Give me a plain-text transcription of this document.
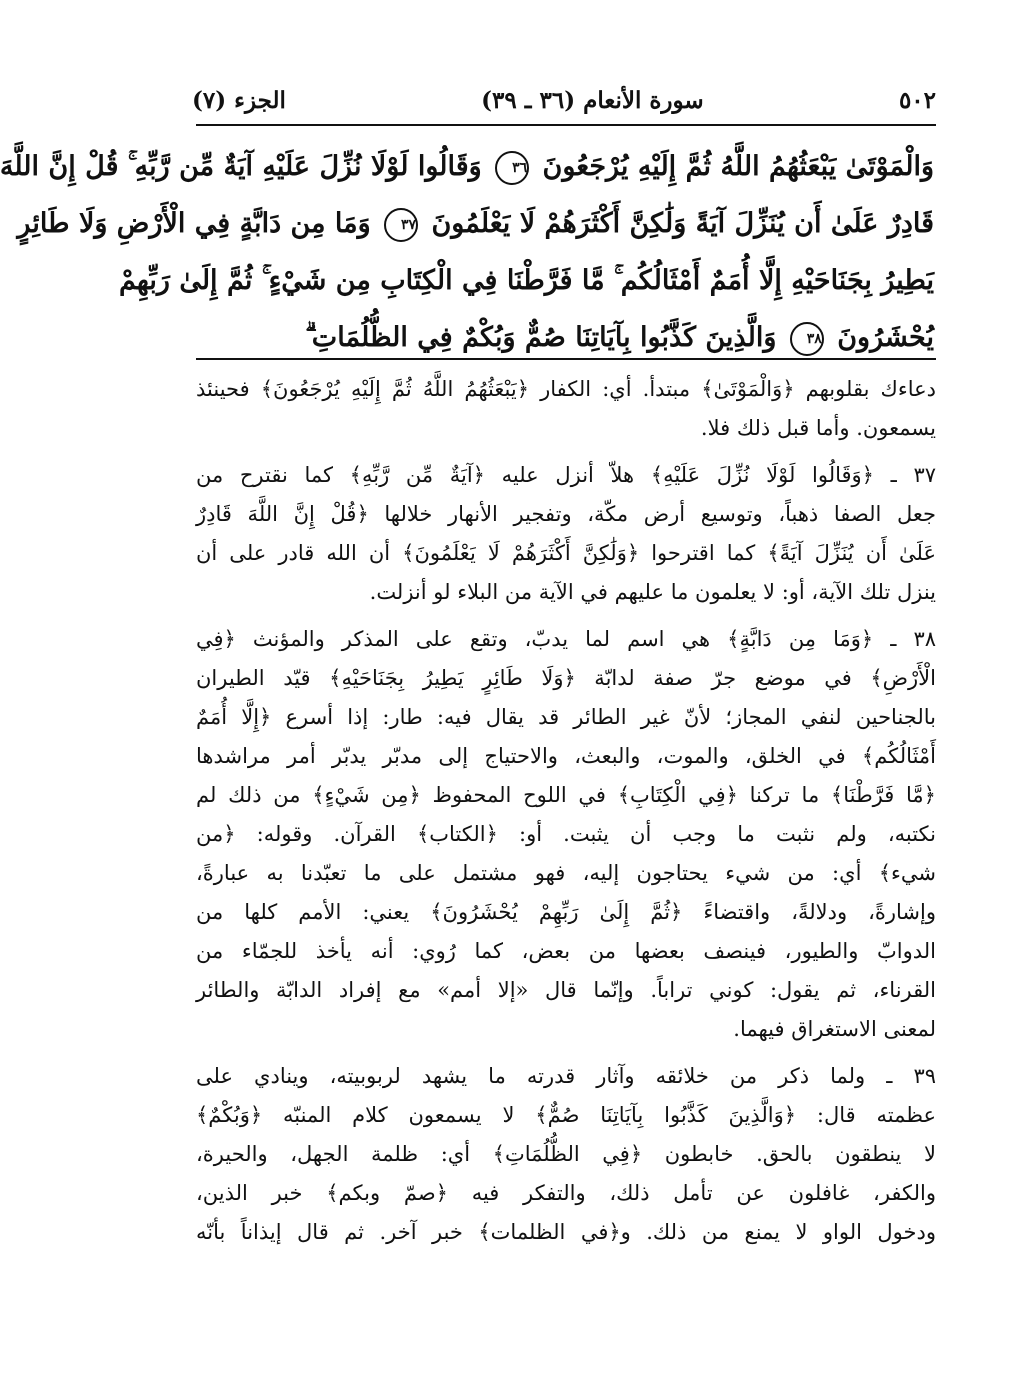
٥٠٢
سورة الأنعام (٣٦ ـ ٣٩)
الجزء (٧)
وَالْمَوْتَىٰ يَبْعَثُهُمُ اللَّهُ ثُمَّ إِلَيْهِ يُرْجَعُونَ ٣٦ وَقَالُوا لَوْلَا نُزِّلَ عَلَيْهِ آيَةٌ مِّن رَّبِّهِ ۚ قُلْ إِنَّ اللَّهَ
قَادِرٌ عَلَىٰ أَن يُنَزِّلَ آيَةً وَلَٰكِنَّ أَكْثَرَهُمْ لَا يَعْلَمُونَ ٣٧ وَمَا مِن دَابَّةٍ فِي الْأَرْضِ وَلَا طَائِرٍ
يَطِيرُ بِجَنَاحَيْهِ إِلَّا أُمَمٌ أَمْثَالُكُم ۚ مَّا فَرَّطْنَا فِي الْكِتَابِ مِن شَيْءٍ ۚ ثُمَّ إِلَىٰ رَبِّهِمْ
يُحْشَرُونَ ٣٨ وَالَّذِينَ كَذَّبُوا بِآيَاتِنَا صُمٌّ وَبُكْمٌ فِي الظُّلُمَاتِ ۗ
دعاءك بقلوبهم ﴿وَالْمَوْتَىٰ﴾ مبتدأ. أي: الكفار ﴿يَبْعَثُهُمُ اللَّهُ ثُمَّ إِلَيْهِ يُرْجَعُونَ﴾ فحينئذ
يسمعون. وأما قبل ذلك فلا.
٣٧ ـ ﴿وَقَالُوا لَوْلَا نُزِّلَ عَلَيْهِ﴾ هلاّ أنزل عليه ﴿آيَةٌ مِّن رَّبِّهِ﴾ كما نقترح من
جعل الصفا ذهباً، وتوسيع أرض مكّة، وتفجير الأنهار خلالها ﴿قُلْ إِنَّ اللَّهَ قَادِرٌ
عَلَىٰ أَن يُنَزِّلَ آيَةً﴾ كما اقترحوا ﴿وَلَٰكِنَّ أَكْثَرَهُمْ لَا يَعْلَمُونَ﴾ أن الله قادر على أن
ينزل تلك الآية، أو: لا يعلمون ما عليهم في الآية من البلاء لو أنزلت.
٣٨ ـ ﴿وَمَا مِن دَابَّةٍ﴾ هي اسم لما يدبّ، وتقع على المذكر والمؤنث ﴿فِي
الْأَرْضِ﴾ في موضع جرّ صفة لدابّة ﴿وَلَا طَائِرٍ يَطِيرُ بِجَنَاحَيْهِ﴾ قيّد الطيران
بالجناحين لنفي المجاز؛ لأنّ غير الطائر قد يقال فيه: طار: إذا أسرع ﴿إِلَّا أُمَمٌ
أَمْثَالُكُم﴾ في الخلق، والموت، والبعث، والاحتياج إلى مدبّر يدبّر أمر مراشدها
﴿مَّا فَرَّطْنَا﴾ ما تركنا ﴿فِي الْكِتَابِ﴾ في اللوح المحفوظ ﴿مِن شَيْءٍ﴾ من ذلك لم
نكتبه، ولم نثبت ما وجب أن يثبت. أو: ﴿الكتاب﴾ القرآن. وقوله: ﴿من
شيء﴾ أي: من شيء يحتاجون إليه، فهو مشتمل على ما تعبّدنا به عبارةً،
وإشارةً، ودلالةً، واقتضاءً ﴿ثُمَّ إِلَىٰ رَبِّهِمْ يُحْشَرُونَ﴾ يعني: الأمم كلها من
الدوابّ والطيور، فينصف بعضها من بعض، كما رُوي: أنه يأخذ للجمّاء من
القرناء، ثم يقول: كوني تراباً. وإنّما قال «إلا أمم» مع إفراد الدابّة والطائر
لمعنى الاستغراق فيهما.
٣٩ ـ ولما ذكر من خلائقه وآثار قدرته ما يشهد لربوبيته، وينادي على
عظمته قال: ﴿وَالَّذِينَ كَذَّبُوا بِآيَاتِنَا صُمٌّ﴾ لا يسمعون كلام المنبّه ﴿وَبُكْمٌ﴾
لا ينطقون بالحق. خابطون ﴿فِي الظُّلُمَاتِ﴾ أي: ظلمة الجهل، والحيرة،
والكفر، غافلون عن تأمل ذلك، والتفكر فيه ﴿صمّ وبكم﴾ خبر الذين،
ودخول الواو لا يمنع من ذلك. و﴿في الظلمات﴾ خبر آخر. ثم قال إيذاناً بأنّه
